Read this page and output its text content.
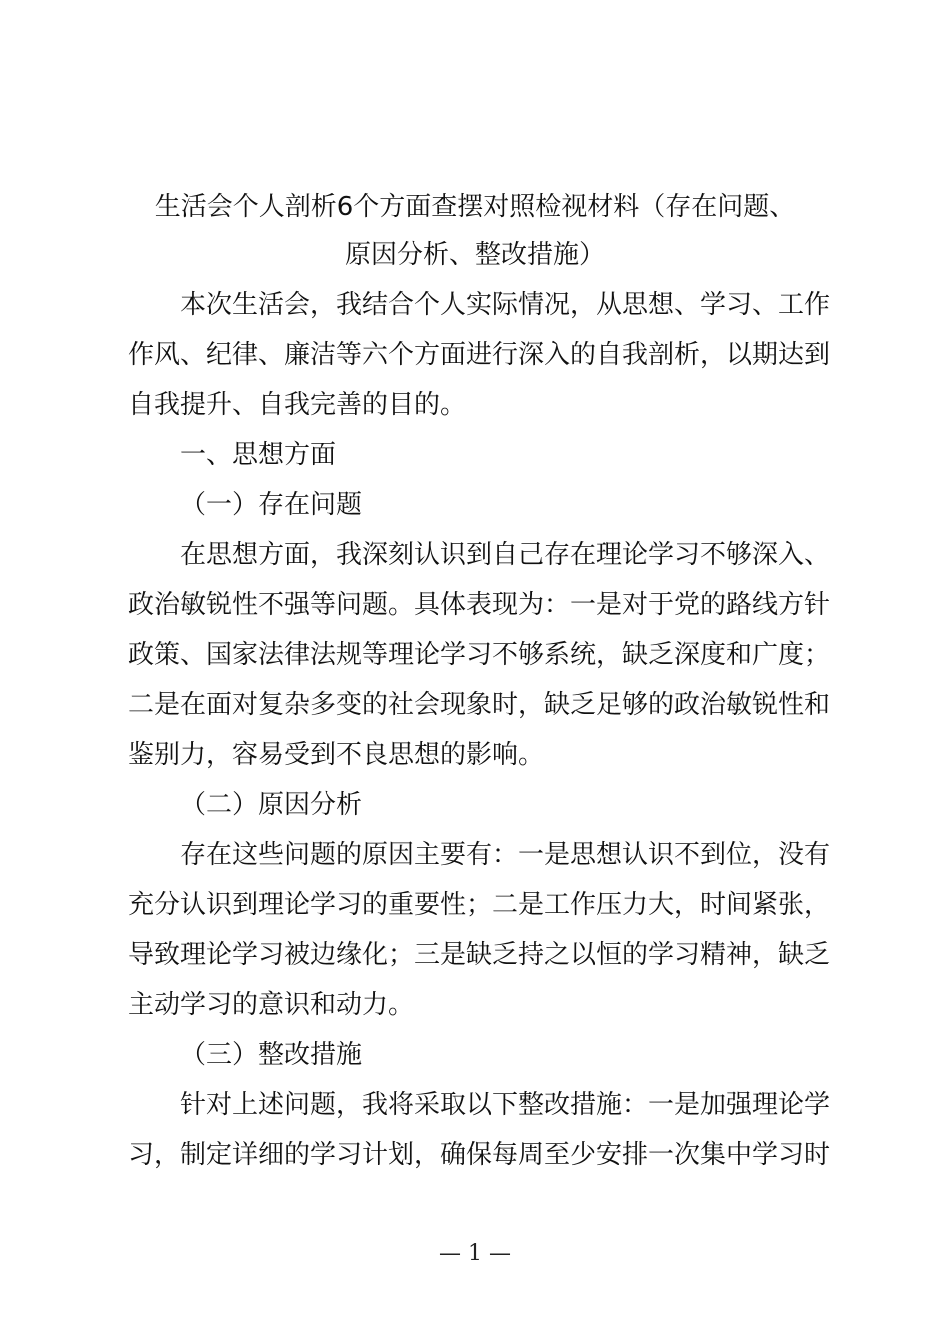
生活会个人剖析6个方面查摆对照检视材料（存在问题、
原因分析、整改措施）
本次生活会，我结合个人实际情况，从思想、学习、工作
作风、纪律、廉洁等六个方面进行深入的自我剖析，以期达到
自我提升、自我完善的目的。
一、思想方面
（一）存在问题
在思想方面，我深刻认识到自己存在理论学习不够深入、
政治敏锐性不强等问题。具体表现为：一是对于党的路线方针
政策、国家法律法规等理论学习不够系统，缺乏深度和广度；
二是在面对复杂多变的社会现象时，缺乏足够的政治敏锐性和
鉴别力，容易受到不良思想的影响。
（二）原因分析
存在这些问题的原因主要有：一是思想认识不到位，没有
充分认识到理论学习的重要性；二是工作压力大，时间紧张，
导致理论学习被边缘化；三是缺乏持之以恒的学习精神，缺乏
主动学习的意识和动力。
（三）整改措施
针对上述问题，我将采取以下整改措施：一是加强理论学
习，制定详细的学习计划，确保每周至少安排一次集中学习时
— 1 —
